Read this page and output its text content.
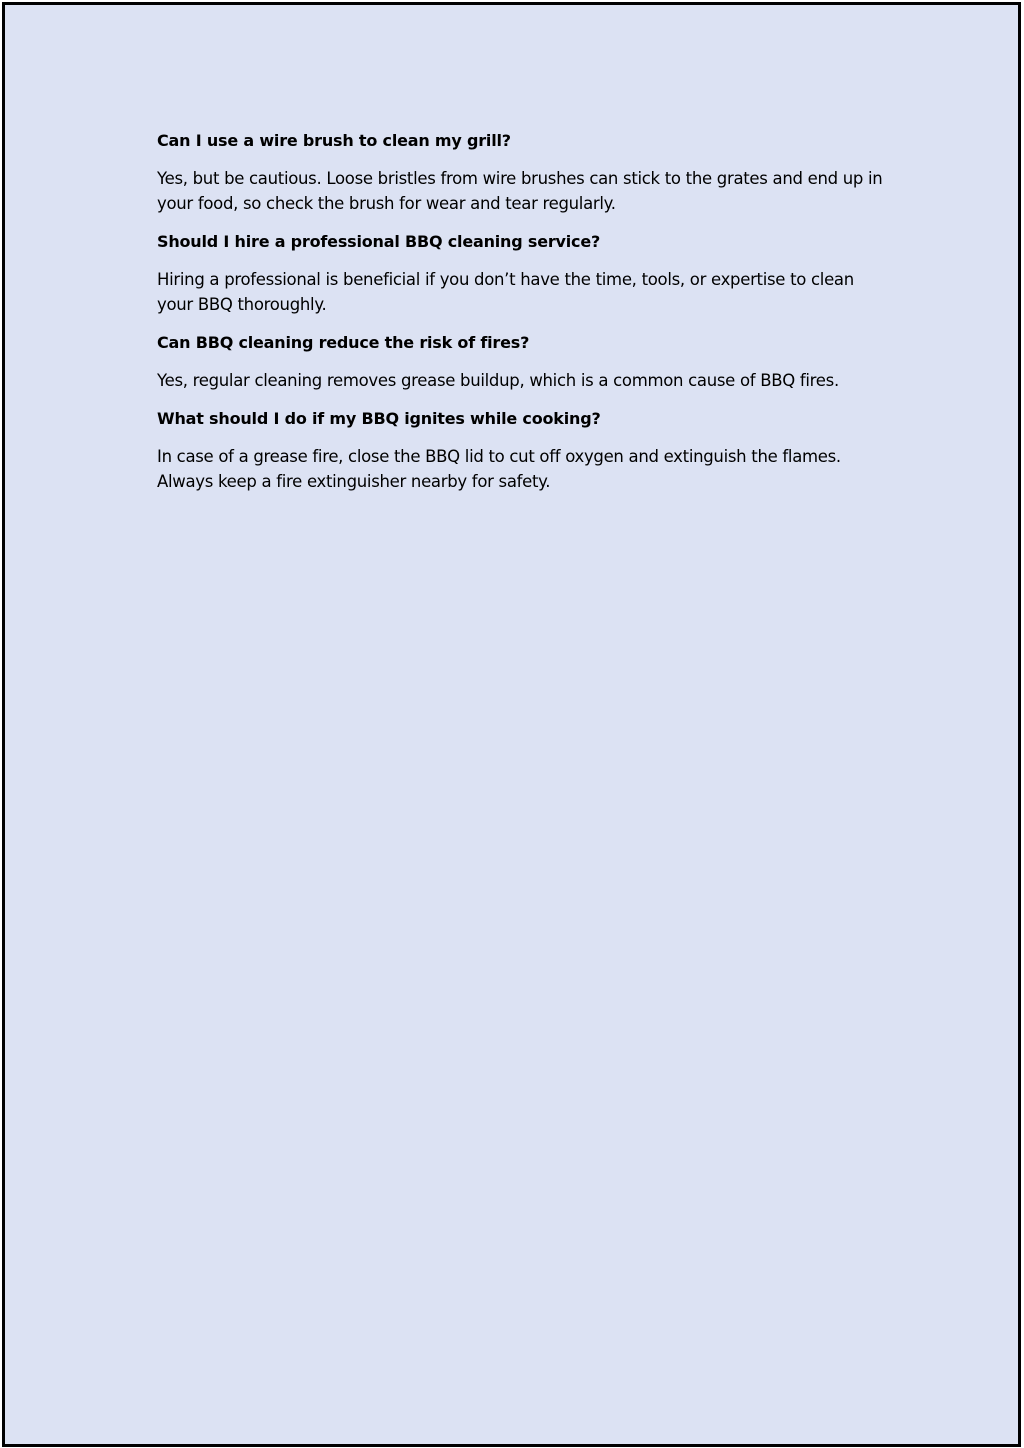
Can I use a wire brush to clean my grill?

Yes, but be cautious. Loose bristles from wire brushes can stick to the grates and end up in your food, so check the brush for wear and tear regularly.

Should I hire a professional BBQ cleaning service?

Hiring a professional is beneficial if you don’t have the time, tools, or expertise to clean your BBQ thoroughly.

Can BBQ cleaning reduce the risk of fires?

Yes, regular cleaning removes grease buildup, which is a common cause of BBQ fires.

What should I do if my BBQ ignites while cooking?

In case of a grease fire, close the BBQ lid to cut off oxygen and extinguish the flames. Always keep a fire extinguisher nearby for safety.
